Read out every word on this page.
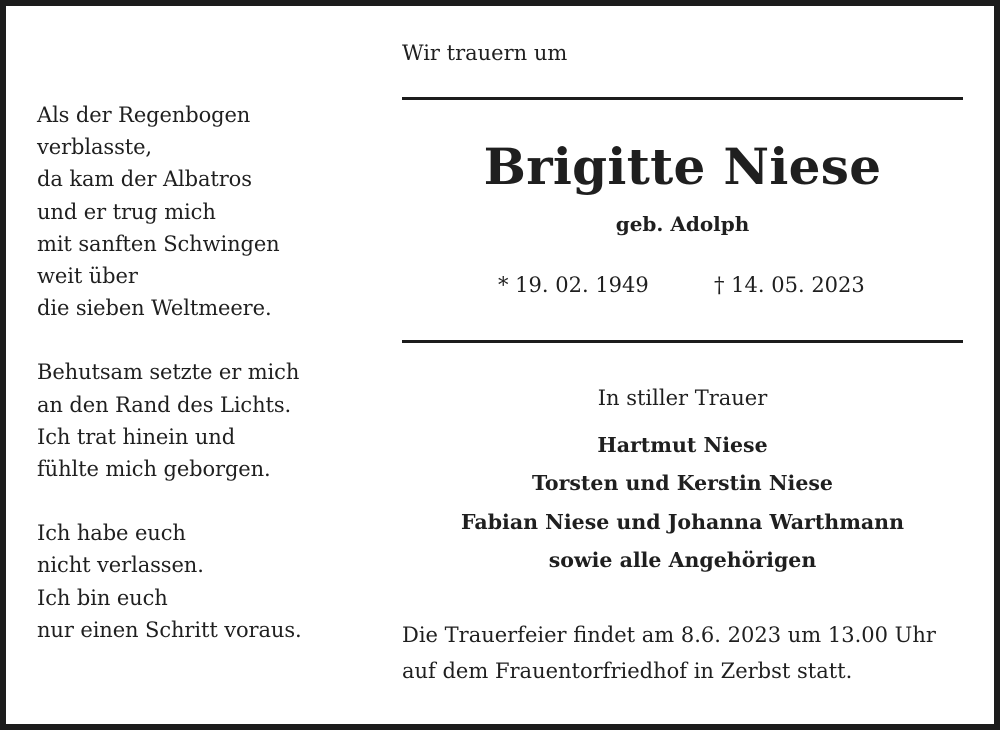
Als der Regenbogen
verblasste,
da kam der Albatros
und er trug mich
mit sanften Schwingen
weit über
die sieben Weltmeere.
Behutsam setzte er mich
an den Rand des Lichts.
Ich trat hinein und
fühlte mich geborgen.
Ich habe euch
nicht verlassen.
Ich bin euch
nur einen Schritt voraus.
Wir trauern um
Brigitte Niese
geb. Adolph
* 19. 02. 1949	† 14. 05. 2023
In stiller Trauer
Hartmut Niese
Torsten und Kerstin Niese
Fabian Niese und Johanna Warthmann
sowie alle Angehörigen
Die Trauerfeier findet am 8.6. 2023 um 13.00 Uhr
auf dem Frauentorfriedhof in Zerbst statt.
